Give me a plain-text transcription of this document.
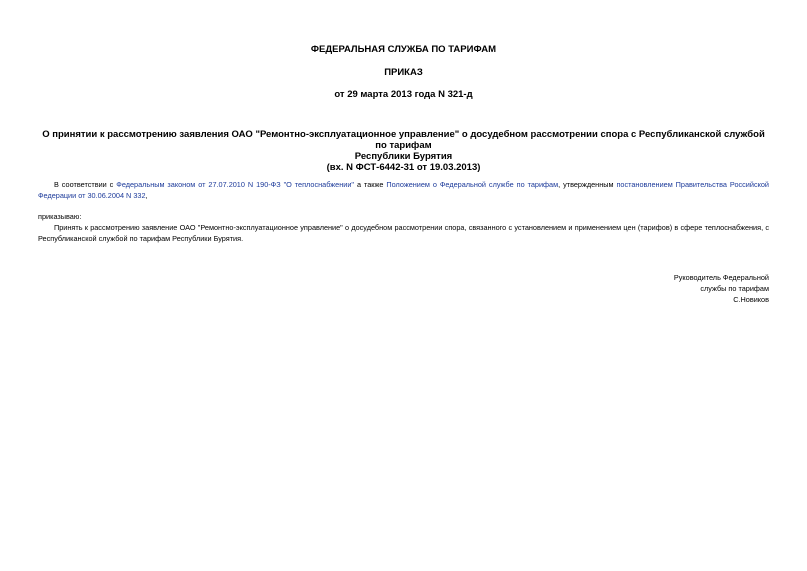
ФЕДЕРАЛЬНАЯ СЛУЖБА ПО ТАРИФАМ
ПРИКАЗ
от 29 марта 2013 года N 321-д
О принятии к рассмотрению заявления ОАО "Ремонтно-эксплуатационное управление" о досудебном рассмотрении спора с Республиканской службой по тарифам
Республики Бурятия
(вх. N ФСТ-6442-31 от 19.03.2013)
В соответствии с Федеральным законом от 27.07.2010 N 190-ФЗ "О теплоснабжении" а также Положением о Федеральной службе по тарифам, утвержденным постановлением Правительства Российской Федерации от 30.06.2004 N 332,
приказываю:
Принять к рассмотрению заявление ОАО "Ремонтно-эксплуатационное управление" о досудебном рассмотрении спора, связанного с установлением и применением цен (тарифов) в сфере теплоснабжения, с Республиканской службой по тарифам Республики Бурятия.
Руководитель Федеральной
службы по тарифам
С.Новиков
